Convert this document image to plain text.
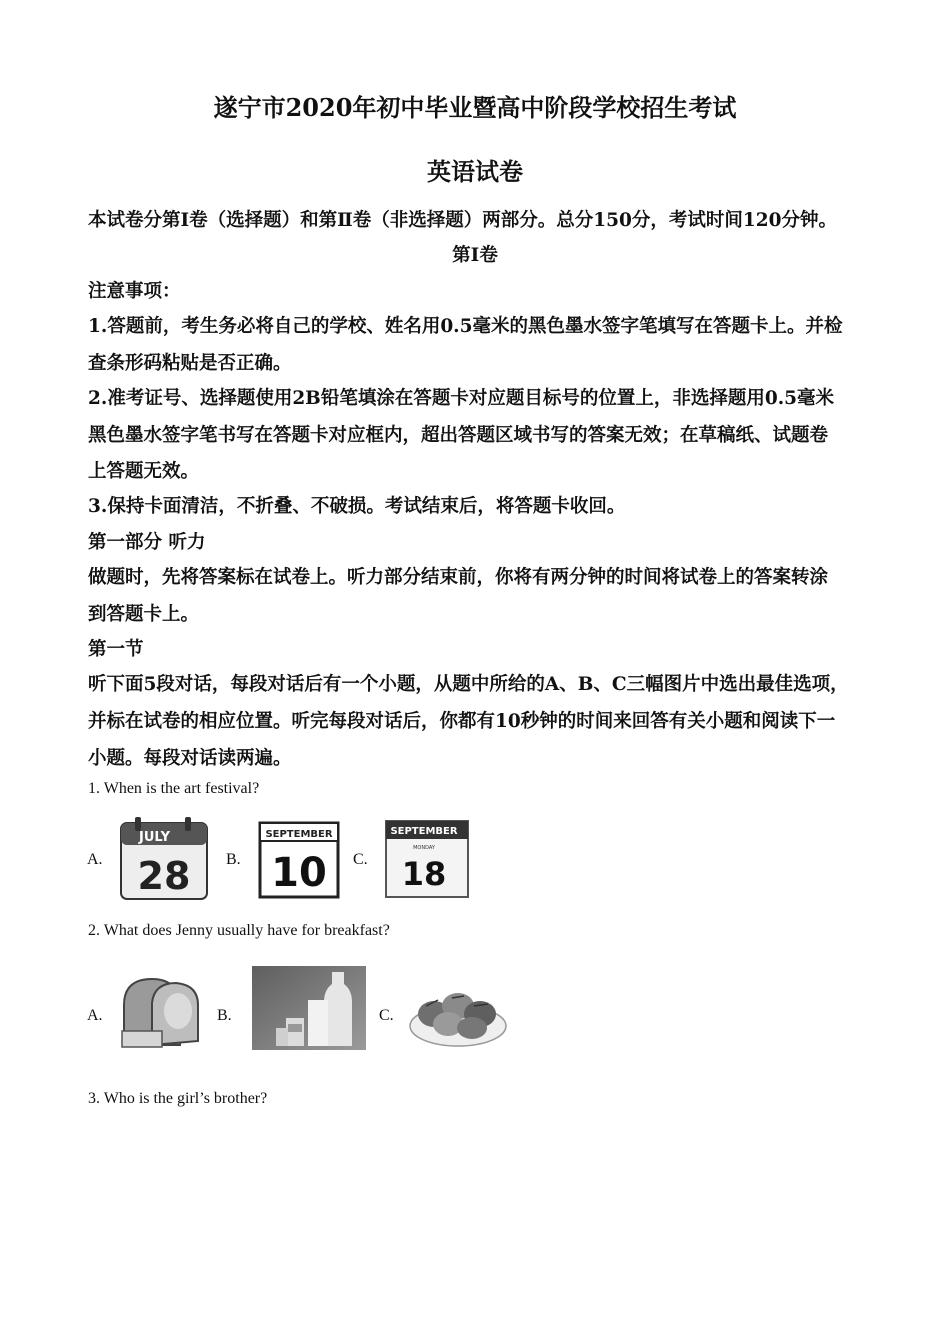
遂宁市2020年初中毕业暨高中阶段学校招生考试
英语试卷
本试卷分第Ⅰ卷（选择题）和第Ⅱ卷（非选择题）两部分。总分150分，考试时间120分钟。
第Ⅰ卷
注意事项：
1.答题前，考生务必将自己的学校、姓名用0.5毫米的黑色墨水签字笔填写在答题卡上。并检
查条形码粘贴是否正确。
2.准考证号、选择题使用2B铅笔填涂在答题卡对应题目标号的位置上，非选择题用0.5毫米
黑色墨水签字笔书写在答题卡对应框内，超出答题区域书写的答案无效；在草稿纸、试题卷
上答题无效。
3.保持卡面清洁，不折叠、不破损。考试结束后，将答题卡收回。
第一部分 听力
做题时，先将答案标在试卷上。听力部分结束前，你将有两分钟的时间将试卷上的答案转涂
到答题卡上。
第一节
听下面5段对话，每段对话后有一个小题，从题中所给的A、B、C三幅图片中选出最佳选项，
并标在试卷的相应位置。听完每段对话后，你都有10秒钟的时间来回答有关小题和阅读下一
小题。每段对话读两遍。
1. When is the art festival?
A.
JULY
28 B.
SEPTEMBER
10 C.
SEPTEMBER
MONDAY
18
2. What does Jenny usually have for breakfast?
A.	B.	C.
3. Who is the girl’s brother?
